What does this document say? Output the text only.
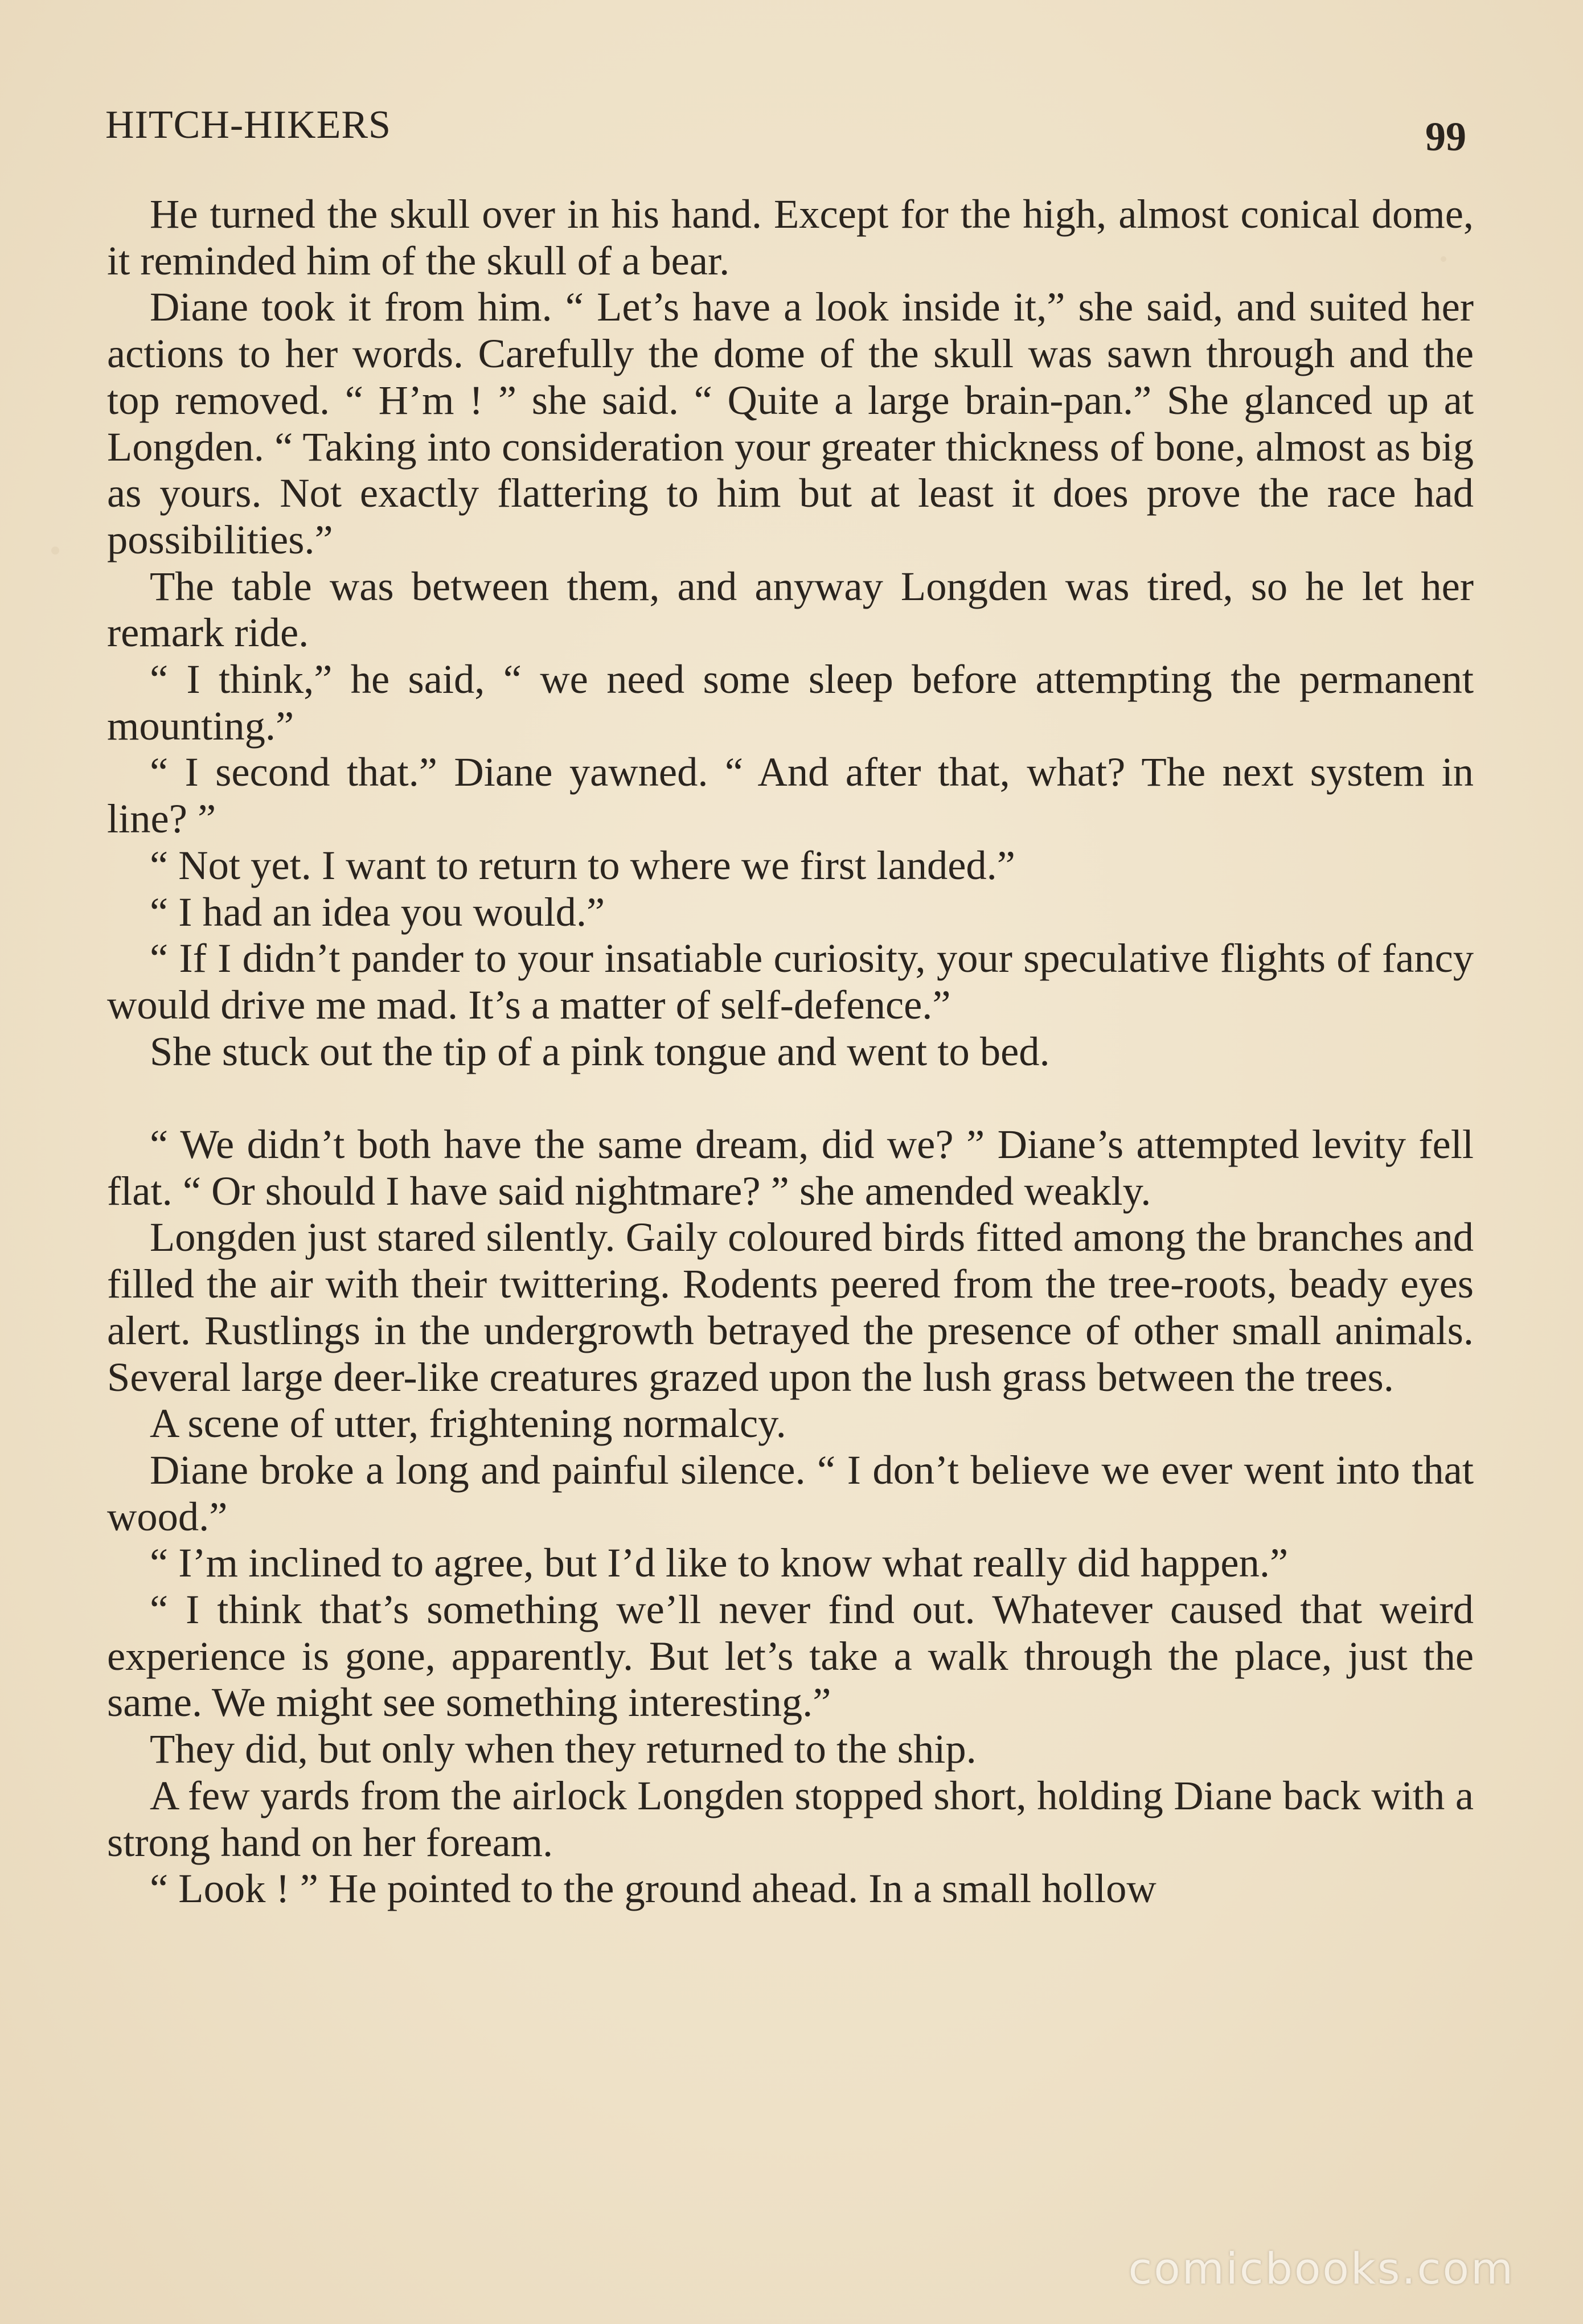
HITCH-HIKERS	99

He turned the skull over in his hand. Except for the high, almost conical dome, it reminded him of the skull of a bear.

Diane took it from him. “ Let’s have a look inside it,” she said, and suited her actions to her words. Carefully the dome of the skull was sawn through and the top removed. “ H’m ! ” she said. “ Quite a large brain-pan.” She glanced up at Longden. “ Taking into consideration your greater thickness of bone, almost as big as yours. Not exactly flattering to him but at least it does prove the race had possibilities.”

The table was between them, and anyway Longden was tired, so he let her remark ride.

“ I think,” he said, “ we need some sleep before attempting the permanent mounting.”

“ I second that.” Diane yawned. “ And after that, what? The next system in line? ”

“ Not yet. I want to return to where we first landed.”

“ I had an idea you would.”

“ If I didn’t pander to your insatiable curiosity, your speculative flights of fancy would drive me mad. It’s a matter of self-defence.”

She stuck out the tip of a pink tongue and went to bed.

“ We didn’t both have the same dream, did we? ” Diane’s attempted levity fell flat. “ Or should I have said nightmare? ” she amended weakly.

Longden just stared silently. Gaily coloured birds fitted among the branches and filled the air with their twittering. Rodents peered from the tree-roots, beady eyes alert. Rustlings in the undergrowth betrayed the presence of other small animals. Several large deer-like creatures grazed upon the lush grass between the trees.

A scene of utter, frightening normalcy.

Diane broke a long and painful silence. “ I don’t believe we ever went into that wood.”

“ I’m inclined to agree, but I’d like to know what really did happen.”

“ I think that’s something we’ll never find out. Whatever caused that weird experience is gone, apparently. But let’s take a walk through the place, just the same. We might see something interesting.”

They did, but only when they returned to the ship.

A few yards from the airlock Longden stopped short, holding Diane back with a strong hand on her foream.

“ Look ! ” He pointed to the ground ahead. In a small hollow

comicbooks.com
